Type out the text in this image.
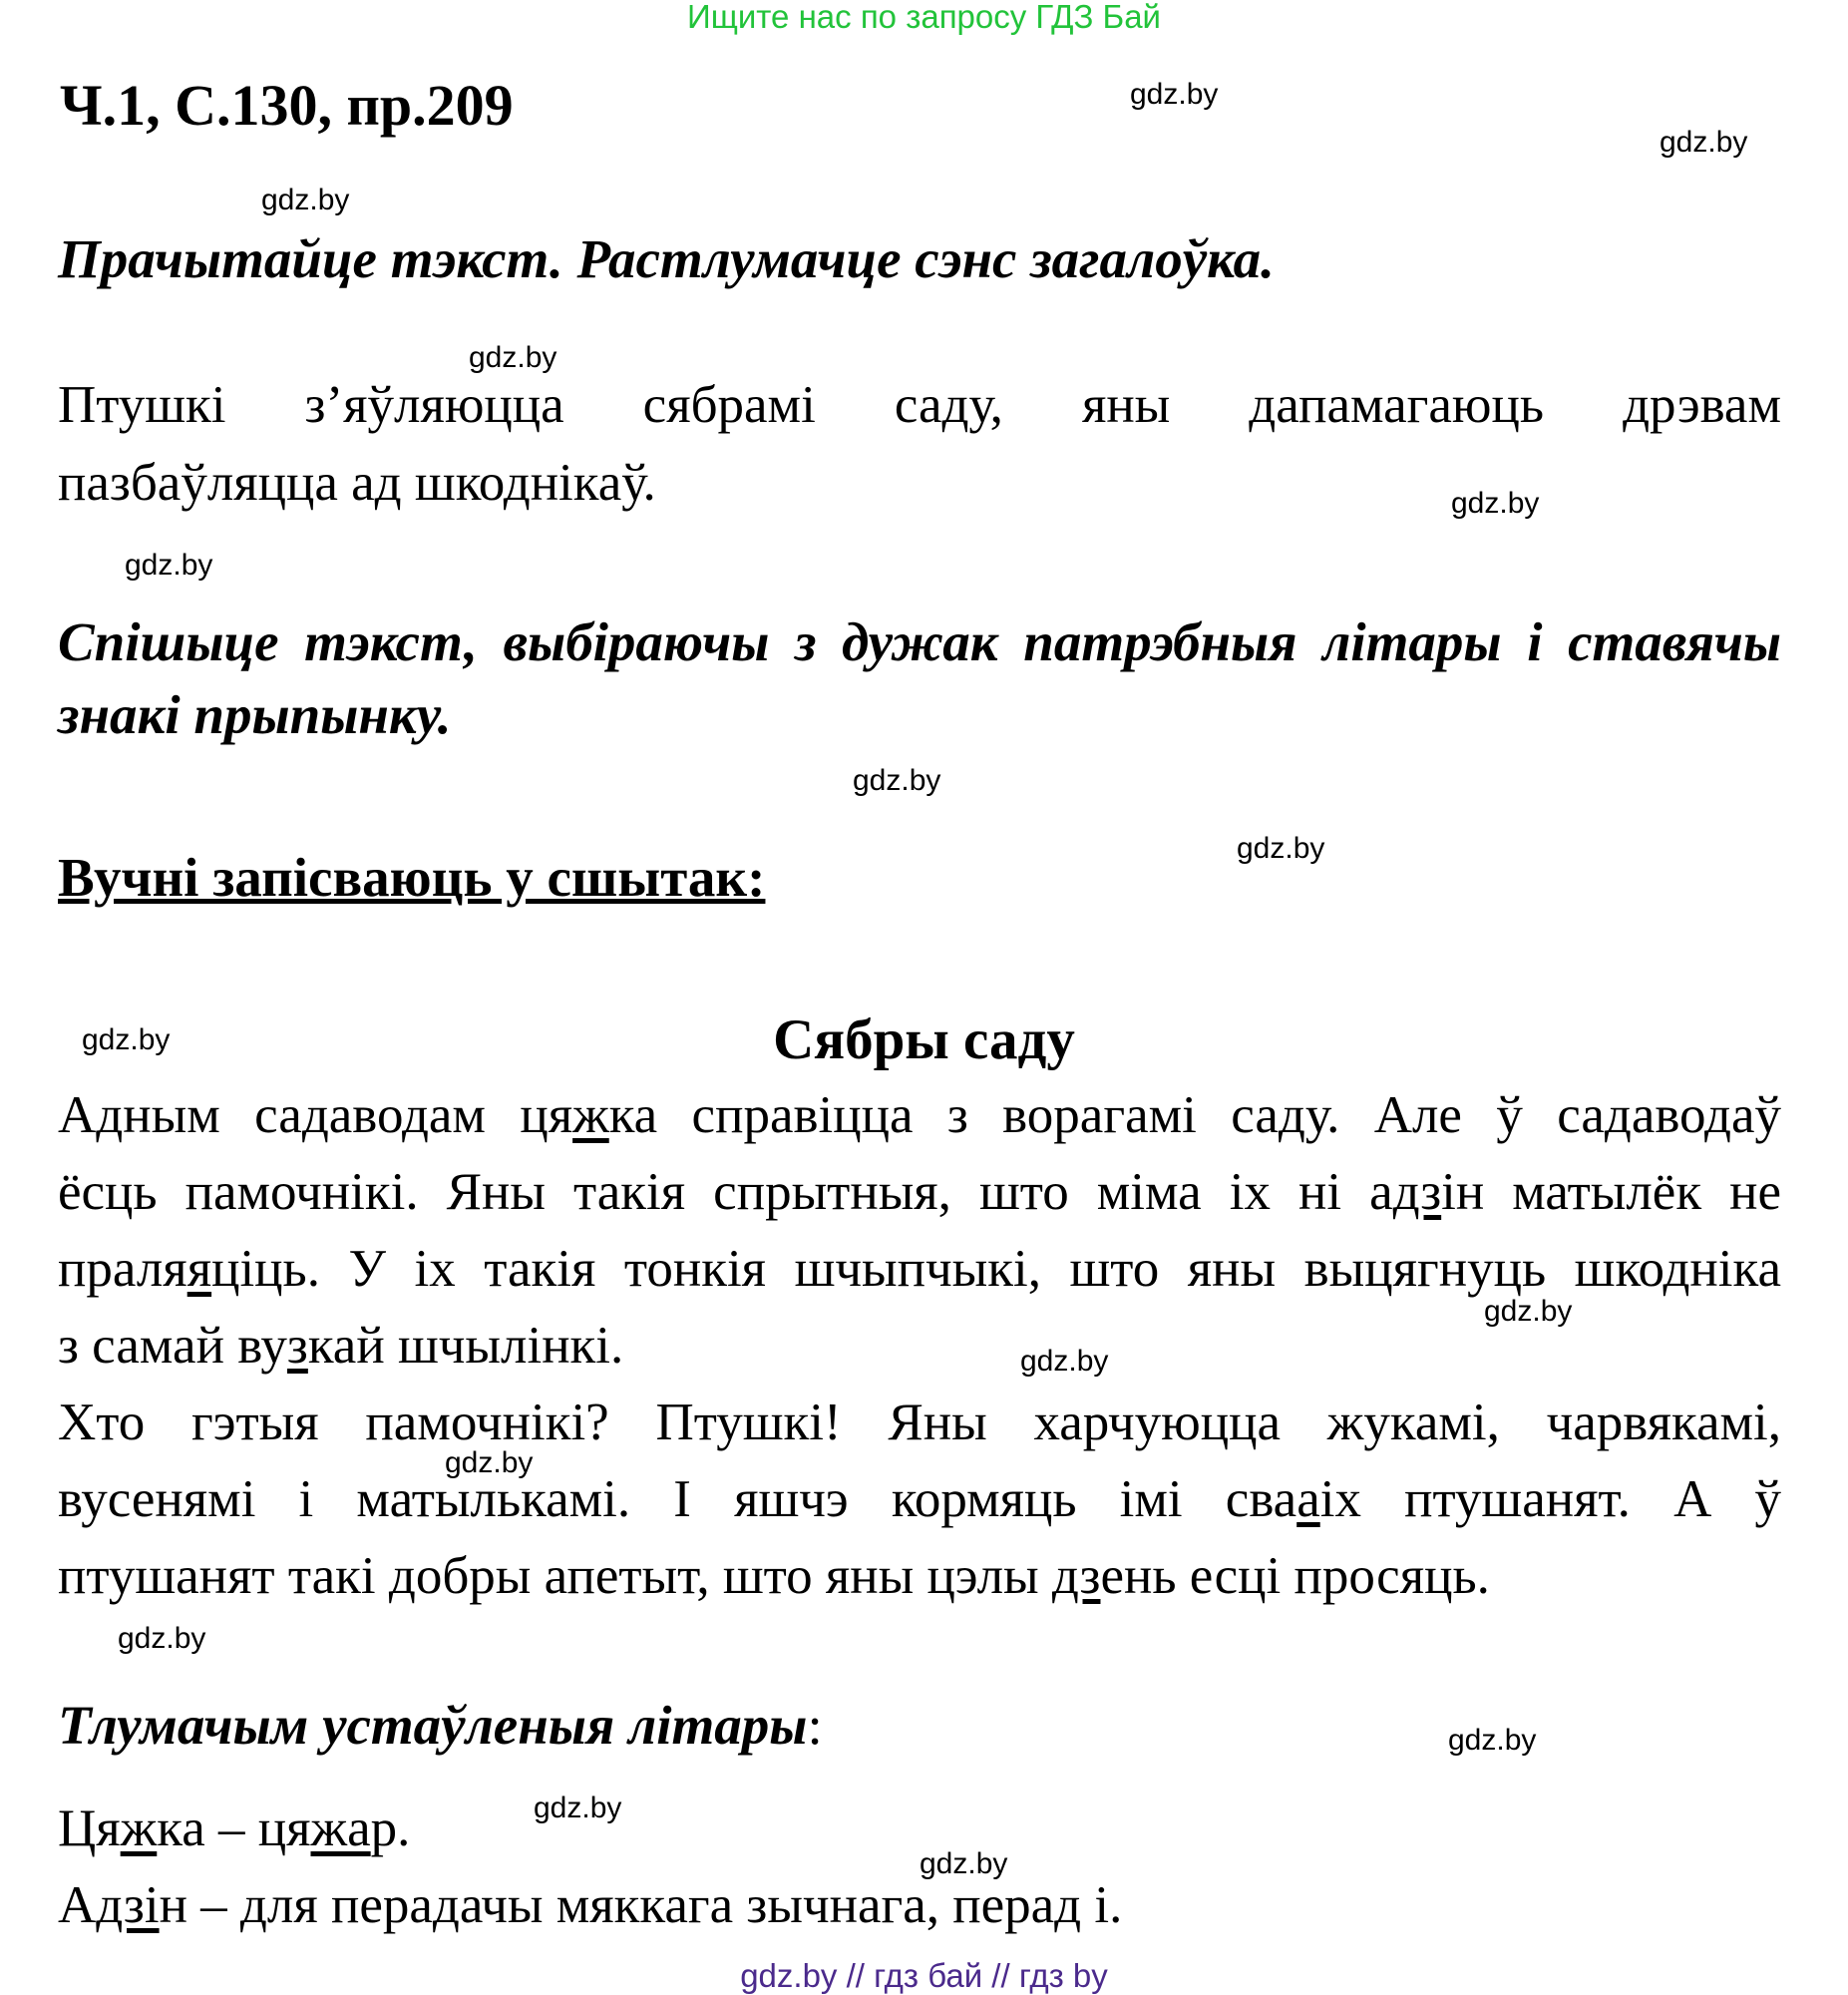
Ищите нас по запросу ГДЗ Бай
Ч.1, С.130, пр.209
Прачытайце тэкст. Растлумачце сэнс загалоўка.
Птушкі з’яўляюцца сябрамі саду, яны дапамагаюць дрэвам
пазбаўляцца ад шкоднікаў.
Спішыце тэкст, выбіраючы з дужак патрэбныя літары і ставячы
знакі прыпынку.
Вучні запісваюць у сшытак:
Сябры саду
Адным садаводам цяжка справіцца з ворагамі саду. Але ў садаводаў
ёсць памочнікі. Яны такія спрытныя, што міма іх ні адзін матылёк не
праляяціць. У іх такія тонкія шчыпчыкі, што яны выцягнуць шкодніка
з самай вузкай шчылінкі.
Хто гэтыя памочнікі? Птушкі! Яны харчуюцца жукамі, чарвякамі,
вусенямі і матылькамі. І яшчэ кормяць імі свааіх птушанят. А ў
птушанят такі добры апетыт, што яны цэлы дзень есці просяць.
Тлумачым устаўленыя літары:
Цяжка – цяжар.
Адзін – для перадачы мяккага зычнага, перад і.
gdz.by
gdz.by
gdz.by
gdz.by
gdz.by
gdz.by
gdz.by
gdz.by
gdz.by
gdz.by
gdz.by
gdz.by
gdz.by
gdz.by
gdz.by
gdz.by
gdz.by // гдз бай // гдз by
